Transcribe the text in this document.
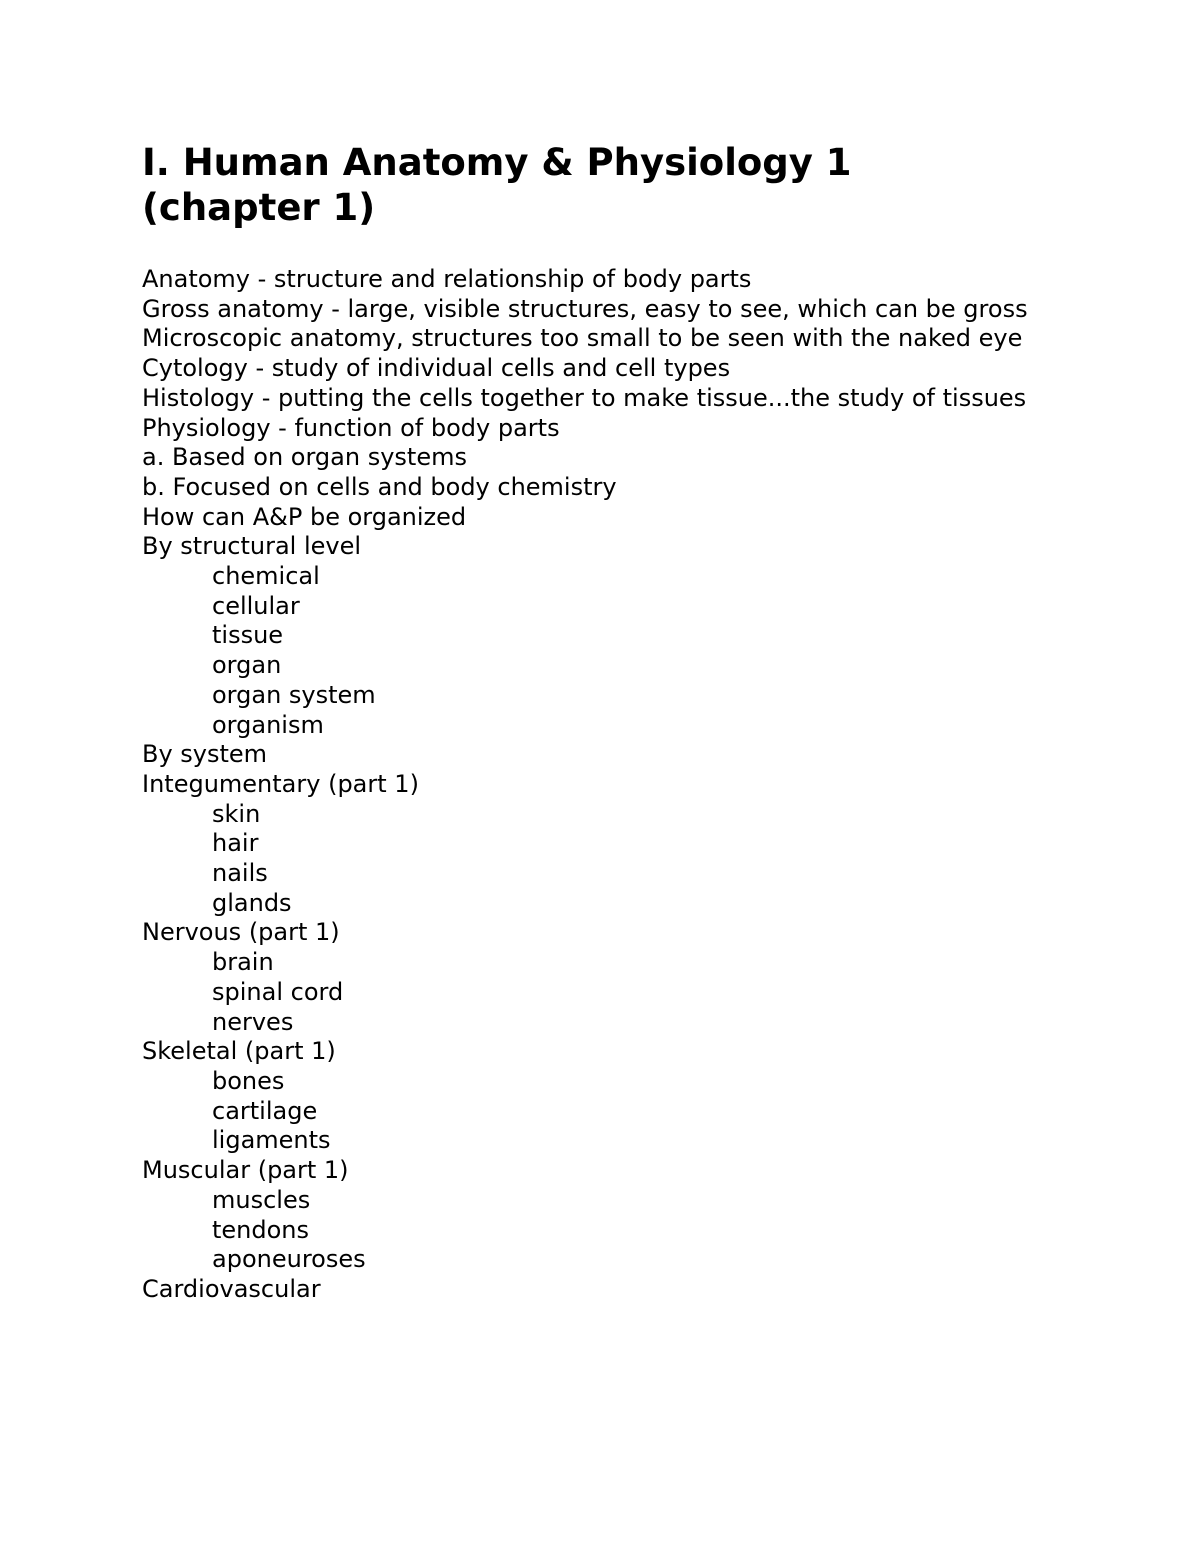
I. Human Anatomy & Physiology 1
(chapter 1)
Anatomy - structure and relationship of body parts
Gross anatomy - large, visible structures, easy to see, which can be gross
Microscopic anatomy, structures too small to be seen with the naked eye
Cytology - study of individual cells and cell types
Histology - putting the cells together to make tissue...the study of tissues
Physiology - function of body parts
a. Based on organ systems
b. Focused on cells and body chemistry
How can A&P be organized
By structural level
chemical
cellular
tissue
organ
organ system
organism
By system
Integumentary (part 1)
skin
hair
nails
glands
Nervous (part 1)
brain
spinal cord
nerves
Skeletal (part 1)
bones
cartilage
ligaments
Muscular (part 1)
muscles
tendons
aponeuroses
Cardiovascular
